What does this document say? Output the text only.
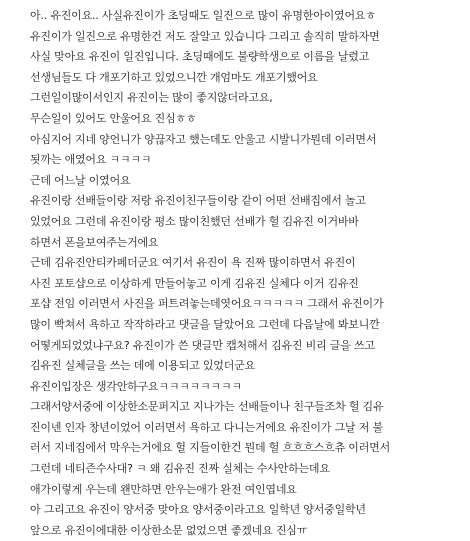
아.. 유진이요.. 사실유진이가 초딩때도 일진으로 많이 유명한아이였어요ㅎ
유진이가 일진으로 유명한건 저도 잘알고 있습니다 그리고 솔직히 말하자면
사실 맞아요 유진이 일진입니다. 초딩때에도 불량학생으로 이름을 날렸고
선생님들도 다 개포기하고 있었으니깐 개엄마도 개포기했어요
그런일이많이서인지 유진이는 많이 좋지않더라고요,
무슨일이 있어도 안울어요 진심ㅎㅎ
아심지어 지네 양언니가 양끊자고 했는데도 안울고 시발니가뭔데 이러면서
됫까는 애였어요 ㅋㅋㅋㅋ
근데 어느날 이였어요
유진이랑 선배들이랑 저랑 유진이친구들이랑 같이 어떤 선배집에서 놀고
있었어요 그런데 유진이랑 평소 많이친했던 선배가 헐 김유진 이거바바
하면서 폰을보여주는거에요
근데 김유진안티카페더군요 여기서 유진이 욕 진짜 많이하면서 유진이
사진 포토샵으로 이상하게 만들어놓고 이게 김유진 실체다 이거 김유진
포샵 전임 이러면서 사진을 퍼트려놓는데엿어요ㅋㅋㅋㅋㅋ 그래서 유진이가
많이 빡쳐서 욕하고 작작하라고 댓글을 달았어요 그런데 다음날에 봐보니깐
어떻게되었었냐구요? 유진이가 쓴 댓글만 캡처해서 김유진 비리 글을 쓰고
김유진 실체글을 쓰는 데에 이용되고 있었더군요
유진이입장은 생각안하구요ㅋㅋㅋㅋㅋㅋㅋㅋ
그래서양서중에 이상한소문퍼지고 지나가는 선배들이나 친구들조차 헐 김유
진이넨 인자 창년이었어 이러면서 욕하고 다니는거에요 유진이가 그날 저 불
러서 지네집에서 막우는거에요 헐 지들이한건 뭔데 헐 흐흐흐스흐츄 이러면서
그런데 네티즌수사대? ㅋ 왜 김유진 진짜 실체는 수사안하는데요
애가이렇게 우는데 왠만하면 안우는애가 완전 여인엽네요
아 그리고요 유진이 양서중 맞아요 양서중이라고요 일학년 양서중일학년
앞으로 유진이에대한 이상한소문 없었으면 좋겠네요 진심ㅠ
